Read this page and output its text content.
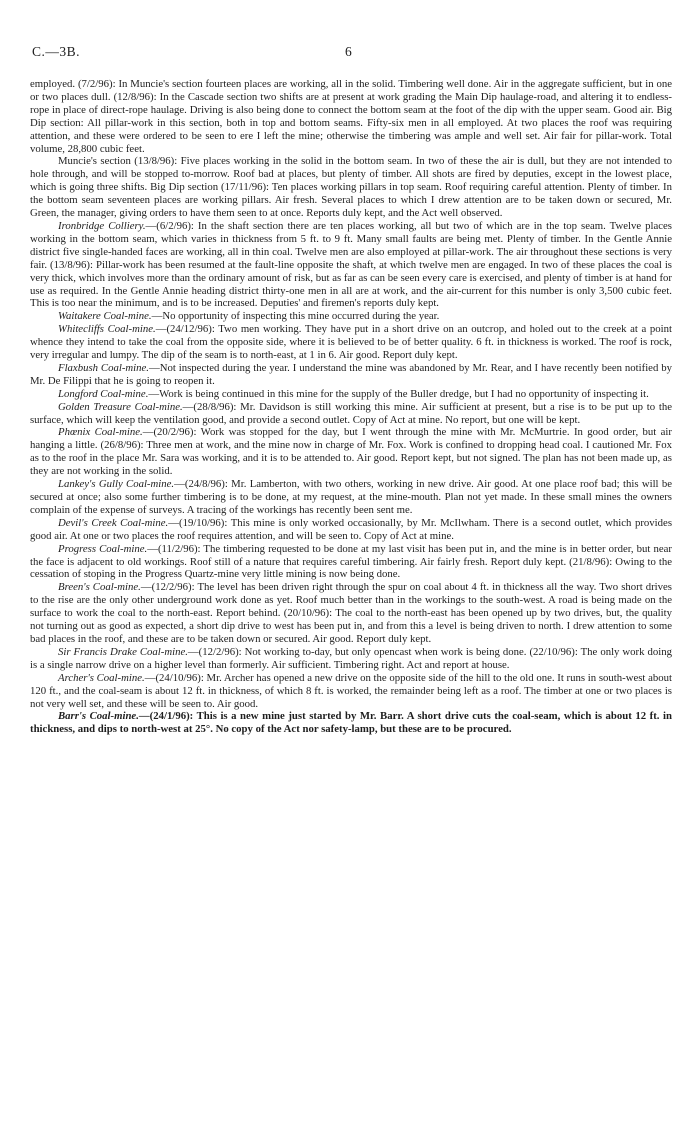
C.—3B.	6

employed. (7/2/96): In Muncie's section fourteen places are working, all in the solid. Timbering well done. Air in the aggregate sufficient, but in one or two places dull. (12/8/96): In the Cascade section two shifts are at present at work grading the Main Dip haulage-road, and altering it to endless-rope in place of direct-rope haulage. Driving is also being done to connect the bottom seam at the foot of the dip with the upper seam. Good air. Big Dip section: All pillar-work in this section, both in top and bottom seams. Fifty-six men in all employed. At two places the roof was requiring attention, and these were ordered to be seen to ere I left the mine; otherwise the timbering was ample and well set. Air fair for pillar-work. Total volume, 28,800 cubic feet.

Muncie's section (13/8/96): Five places working in the solid in the bottom seam. In two of these the air is dull, but they are not intended to hole through, and will be stopped to-morrow. Roof bad at places, but plenty of timber. All shots are fired by deputies, except in the lowest place, which is going three shifts. Big Dip section (17/11/96): Ten places working pillars in top seam. Roof requiring careful attention. Plenty of timber. In the bottom seam seventeen places are working pillars. Air fresh. Several places to which I drew attention are to be taken down or secured, Mr. Green, the manager, giving orders to have them seen to at once. Reports duly kept, and the Act well observed.

Ironbridge Colliery.—(6/2/96): In the shaft section there are ten places working, all but two of which are in the top seam. Twelve places working in the bottom seam, which varies in thickness from 5 ft. to 9 ft. Many small faults are being met. Plenty of timber. In the Gentle Annie district five single-handed faces are working, all in thin coal. Twelve men are also employed at pillar-work. The air throughout these sections is very fair. (13/8/96): Pillar-work has been resumed at the fault-line opposite the shaft, at which twelve men are engaged. In two of these places the coal is very thick, which involves more than the ordinary amount of risk, but as far as can be seen every care is exercised, and plenty of timber is at hand for use as required. In the Gentle Annie heading district thirty-one men in all are at work, and the air-current for this number is only 3,500 cubic feet. This is too near the minimum, and is to be increased. Deputies' and firemen's reports duly kept.

Waitakere Coal-mine.—No opportunity of inspecting this mine occurred during the year.

Whitecliffs Coal-mine.—(24/12/96): Two men working. They have put in a short drive on an outcrop, and holed out to the creek at a point whence they intend to take the coal from the opposite side, where it is believed to be of better quality. 6 ft. in thickness is worked. The roof is rock, very irregular and lumpy. The dip of the seam is to north-east, at 1 in 6. Air good. Report duly kept.

Flaxbush Coal-mine.—Not inspected during the year. I understand the mine was abandoned by Mr. Rear, and I have recently been notified by Mr. De Filippi that he is going to reopen it.

Longford Coal-mine.—Work is being continued in this mine for the supply of the Buller dredge, but I had no opportunity of inspecting it.

Golden Treasure Coal-mine.—(28/8/96): Mr. Davidson is still working this mine. Air sufficient at present, but a rise is to be put up to the surface, which will keep the ventilation good, and provide a second outlet. Copy of Act at mine. No report, but one will be kept.

Phœnix Coal-mine.—(20/2/96): Work was stopped for the day, but I went through the mine with Mr. McMurtrie. In good order, but air hanging a little. (26/8/96): Three men at work, and the mine now in charge of Mr. Fox. Work is confined to dropping head coal. I cautioned Mr. Fox as to the roof in the place Mr. Sara was working, and it is to be attended to. Air good. Report kept, but not signed. The plan has not been made up, as they are not working in the solid.

Lankey's Gully Coal-mine.—(24/8/96): Mr. Lamberton, with two others, working in new drive. Air good. At one place roof bad; this will be secured at once; also some further timbering is to be done, at my request, at the mine-mouth. Plan not yet made. In these small mines the owners complain of the expense of surveys. A tracing of the workings has recently been sent me.

Devil's Creek Coal-mine.—(19/10/96): This mine is only worked occasionally, by Mr. McIlwham. There is a second outlet, which provides good air. At one or two places the roof requires attention, and will be seen to. Copy of Act at mine.

Progress Coal-mine.—(11/2/96): The timbering requested to be done at my last visit has been put in, and the mine is in better order, but near the face is adjacent to old workings. Roof still of a nature that requires careful timbering. Air fairly fresh. Report duly kept. (21/8/96): Owing to the cessation of stoping in the Progress Quartz-mine very little mining is now being done.

Breen's Coal-mine.—(12/2/96): The level has been driven right through the spur on coal about 4 ft. in thickness all the way. Two short drives to the rise are the only other underground work done as yet. Roof much better than in the workings to the south-west. A road is being made on the surface to work the coal to the north-east. Report behind. (20/10/96): The coal to the north-east has been opened up by two drives, but, the quality not turning out as good as expected, a short dip drive to west has been put in, and from this a level is being driven to north. I drew attention to some bad places in the roof, and these are to be taken down or secured. Air good. Report duly kept.

Sir Francis Drake Coal-mine.—(12/2/96): Not working to-day, but only opencast when work is being done. (22/10/96): The only work doing is a single narrow drive on a higher level than formerly. Air sufficient. Timbering right. Act and report at house.

Archer's Coal-mine.—(24/10/96): Mr. Archer has opened a new drive on the opposite side of the hill to the old one. It runs in south-west about 120 ft., and the coal-seam is about 12 ft. in thickness, of which 8 ft. is worked, the remainder being left as a roof. The timber at one or two places is not very well set, and these will be seen to. Air good.

Barr's Coal-mine.—(24/1/96): This is a new mine just started by Mr. Barr. A short drive cuts the coal-seam, which is about 12 ft. in thickness, and dips to north-west at 25°. No copy of the Act nor safety-lamp, but these are to be procured.
